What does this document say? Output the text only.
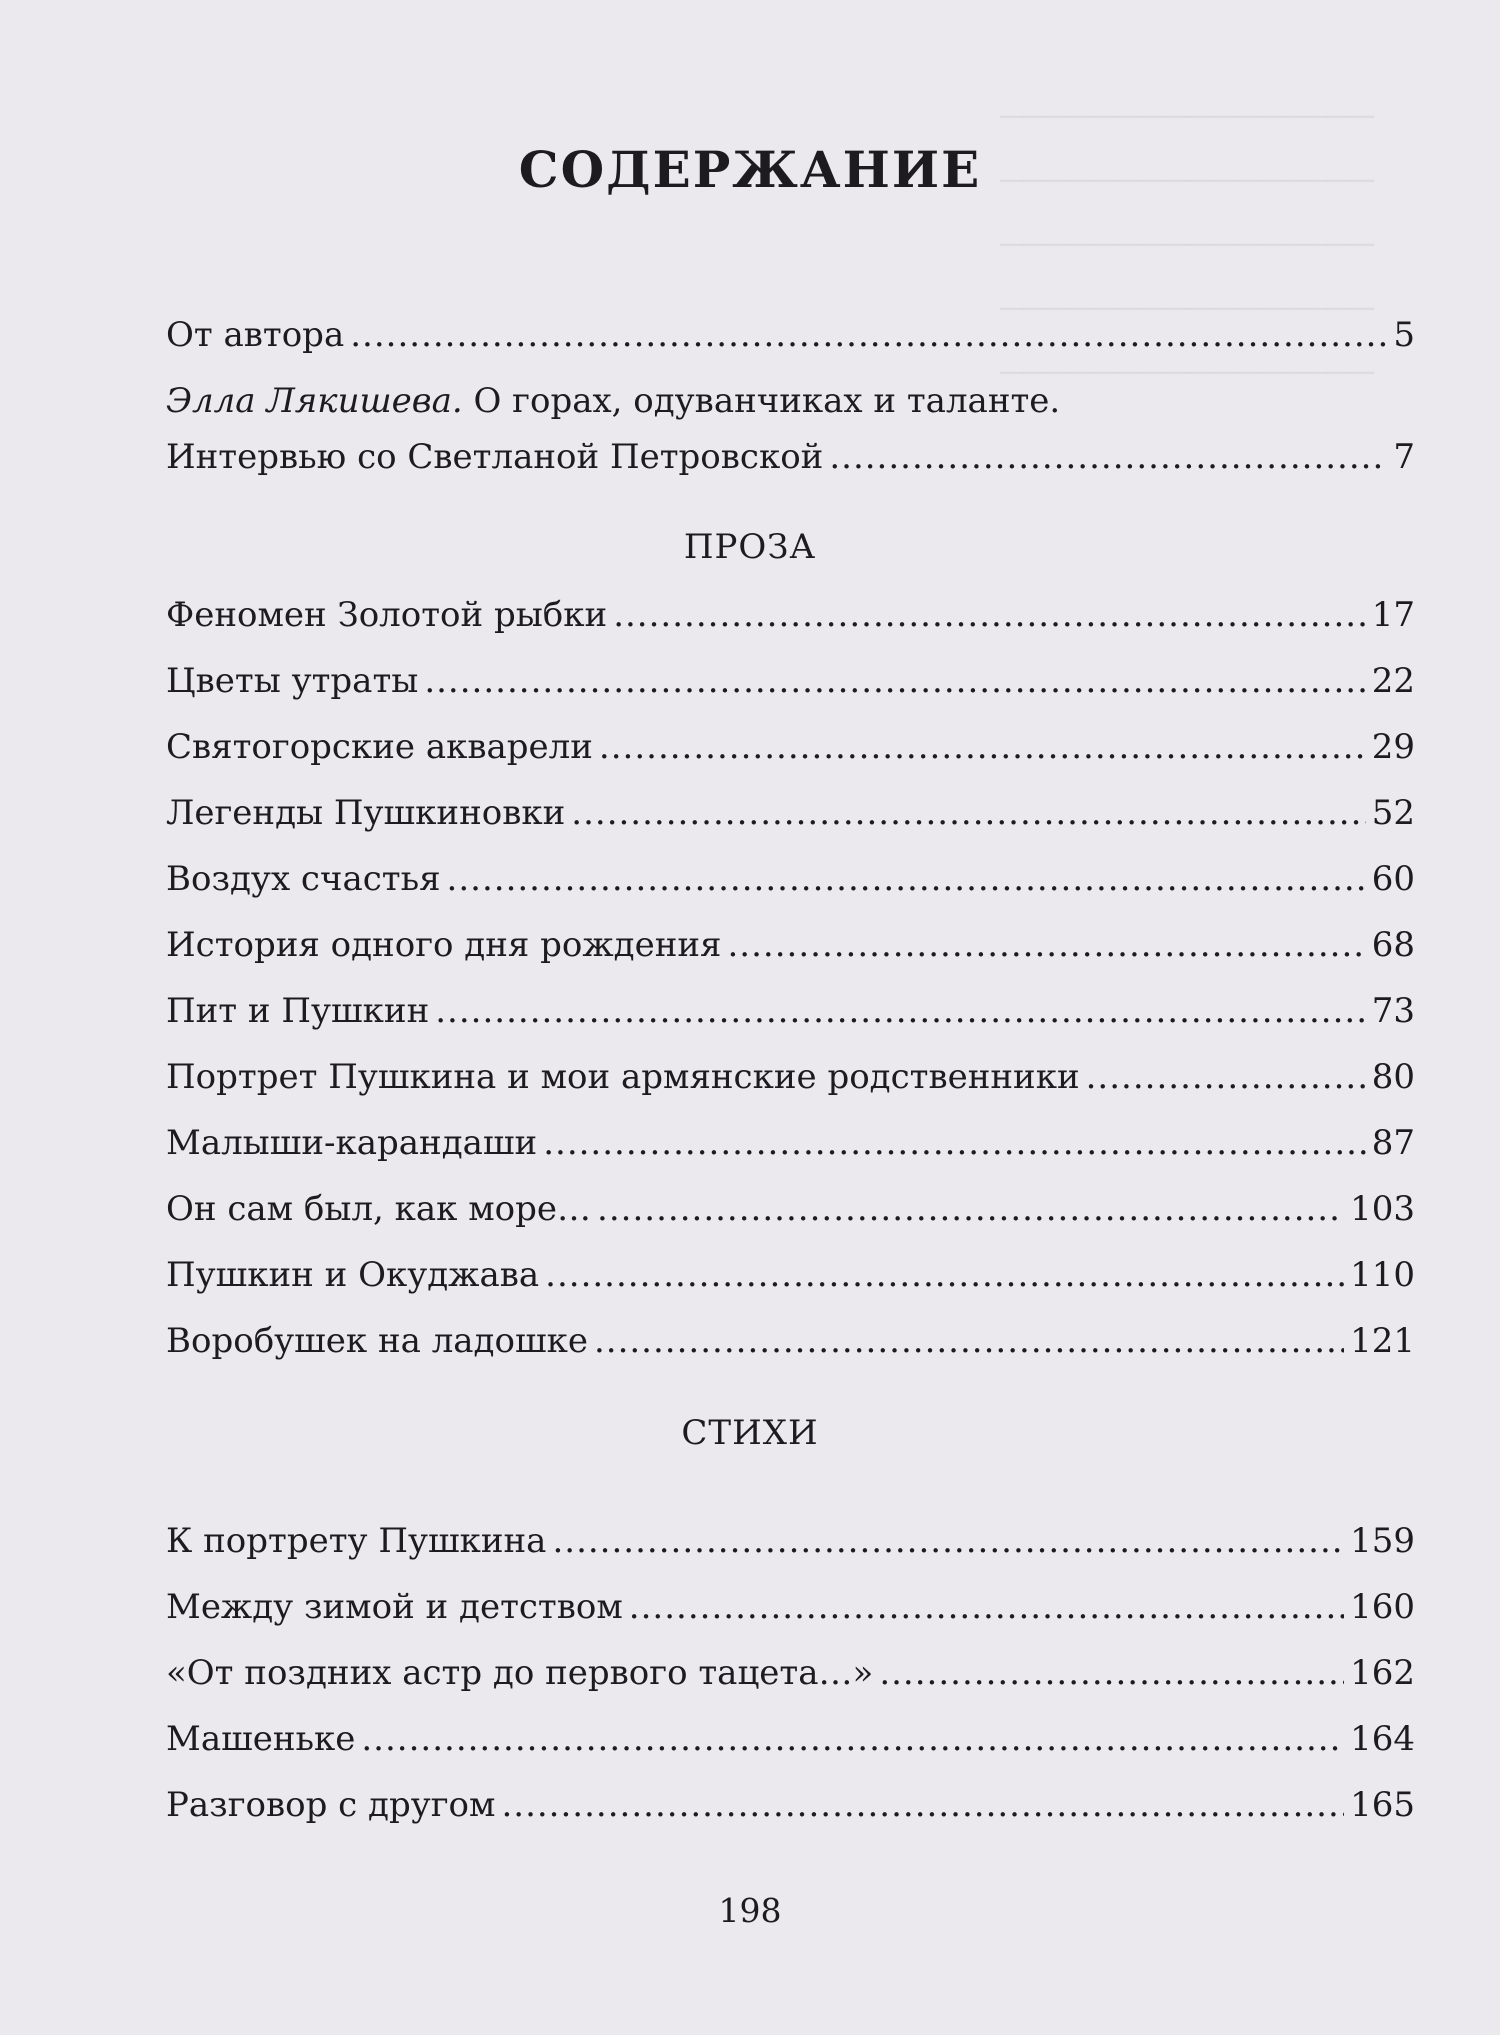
────────────────
────────────────
────────────────
────────────────
────────────────
СОДЕРЖАНИЕ
От автора .....	5
Элла Лякишева. О горах, одуванчиках и таланте.
Интервью со Светланой Петровской .....	7
ПРОЗА
Феномен Золотой рыбки .....	17
Цветы утраты .....	22
Святогорские акварели .....	29
Легенды Пушкиновки .....	52
Воздух счастья .....	60
История одного дня рождения .....	68
Пит и Пушкин .....	73
Портрет Пушкина и мои армянские родственники .....	80
Малыши-карандаши .....	87
Он сам был, как море… .....	103
Пушкин и Окуджава .....	110
Воробушек на ладошке .....	121
СТИХИ
К портрету Пушкина .....	159
Между зимой и детством .....	160
«От поздних астр до первого тацета…» .....	162
Машеньке .....	164
Разговор с другом .....	165
198
